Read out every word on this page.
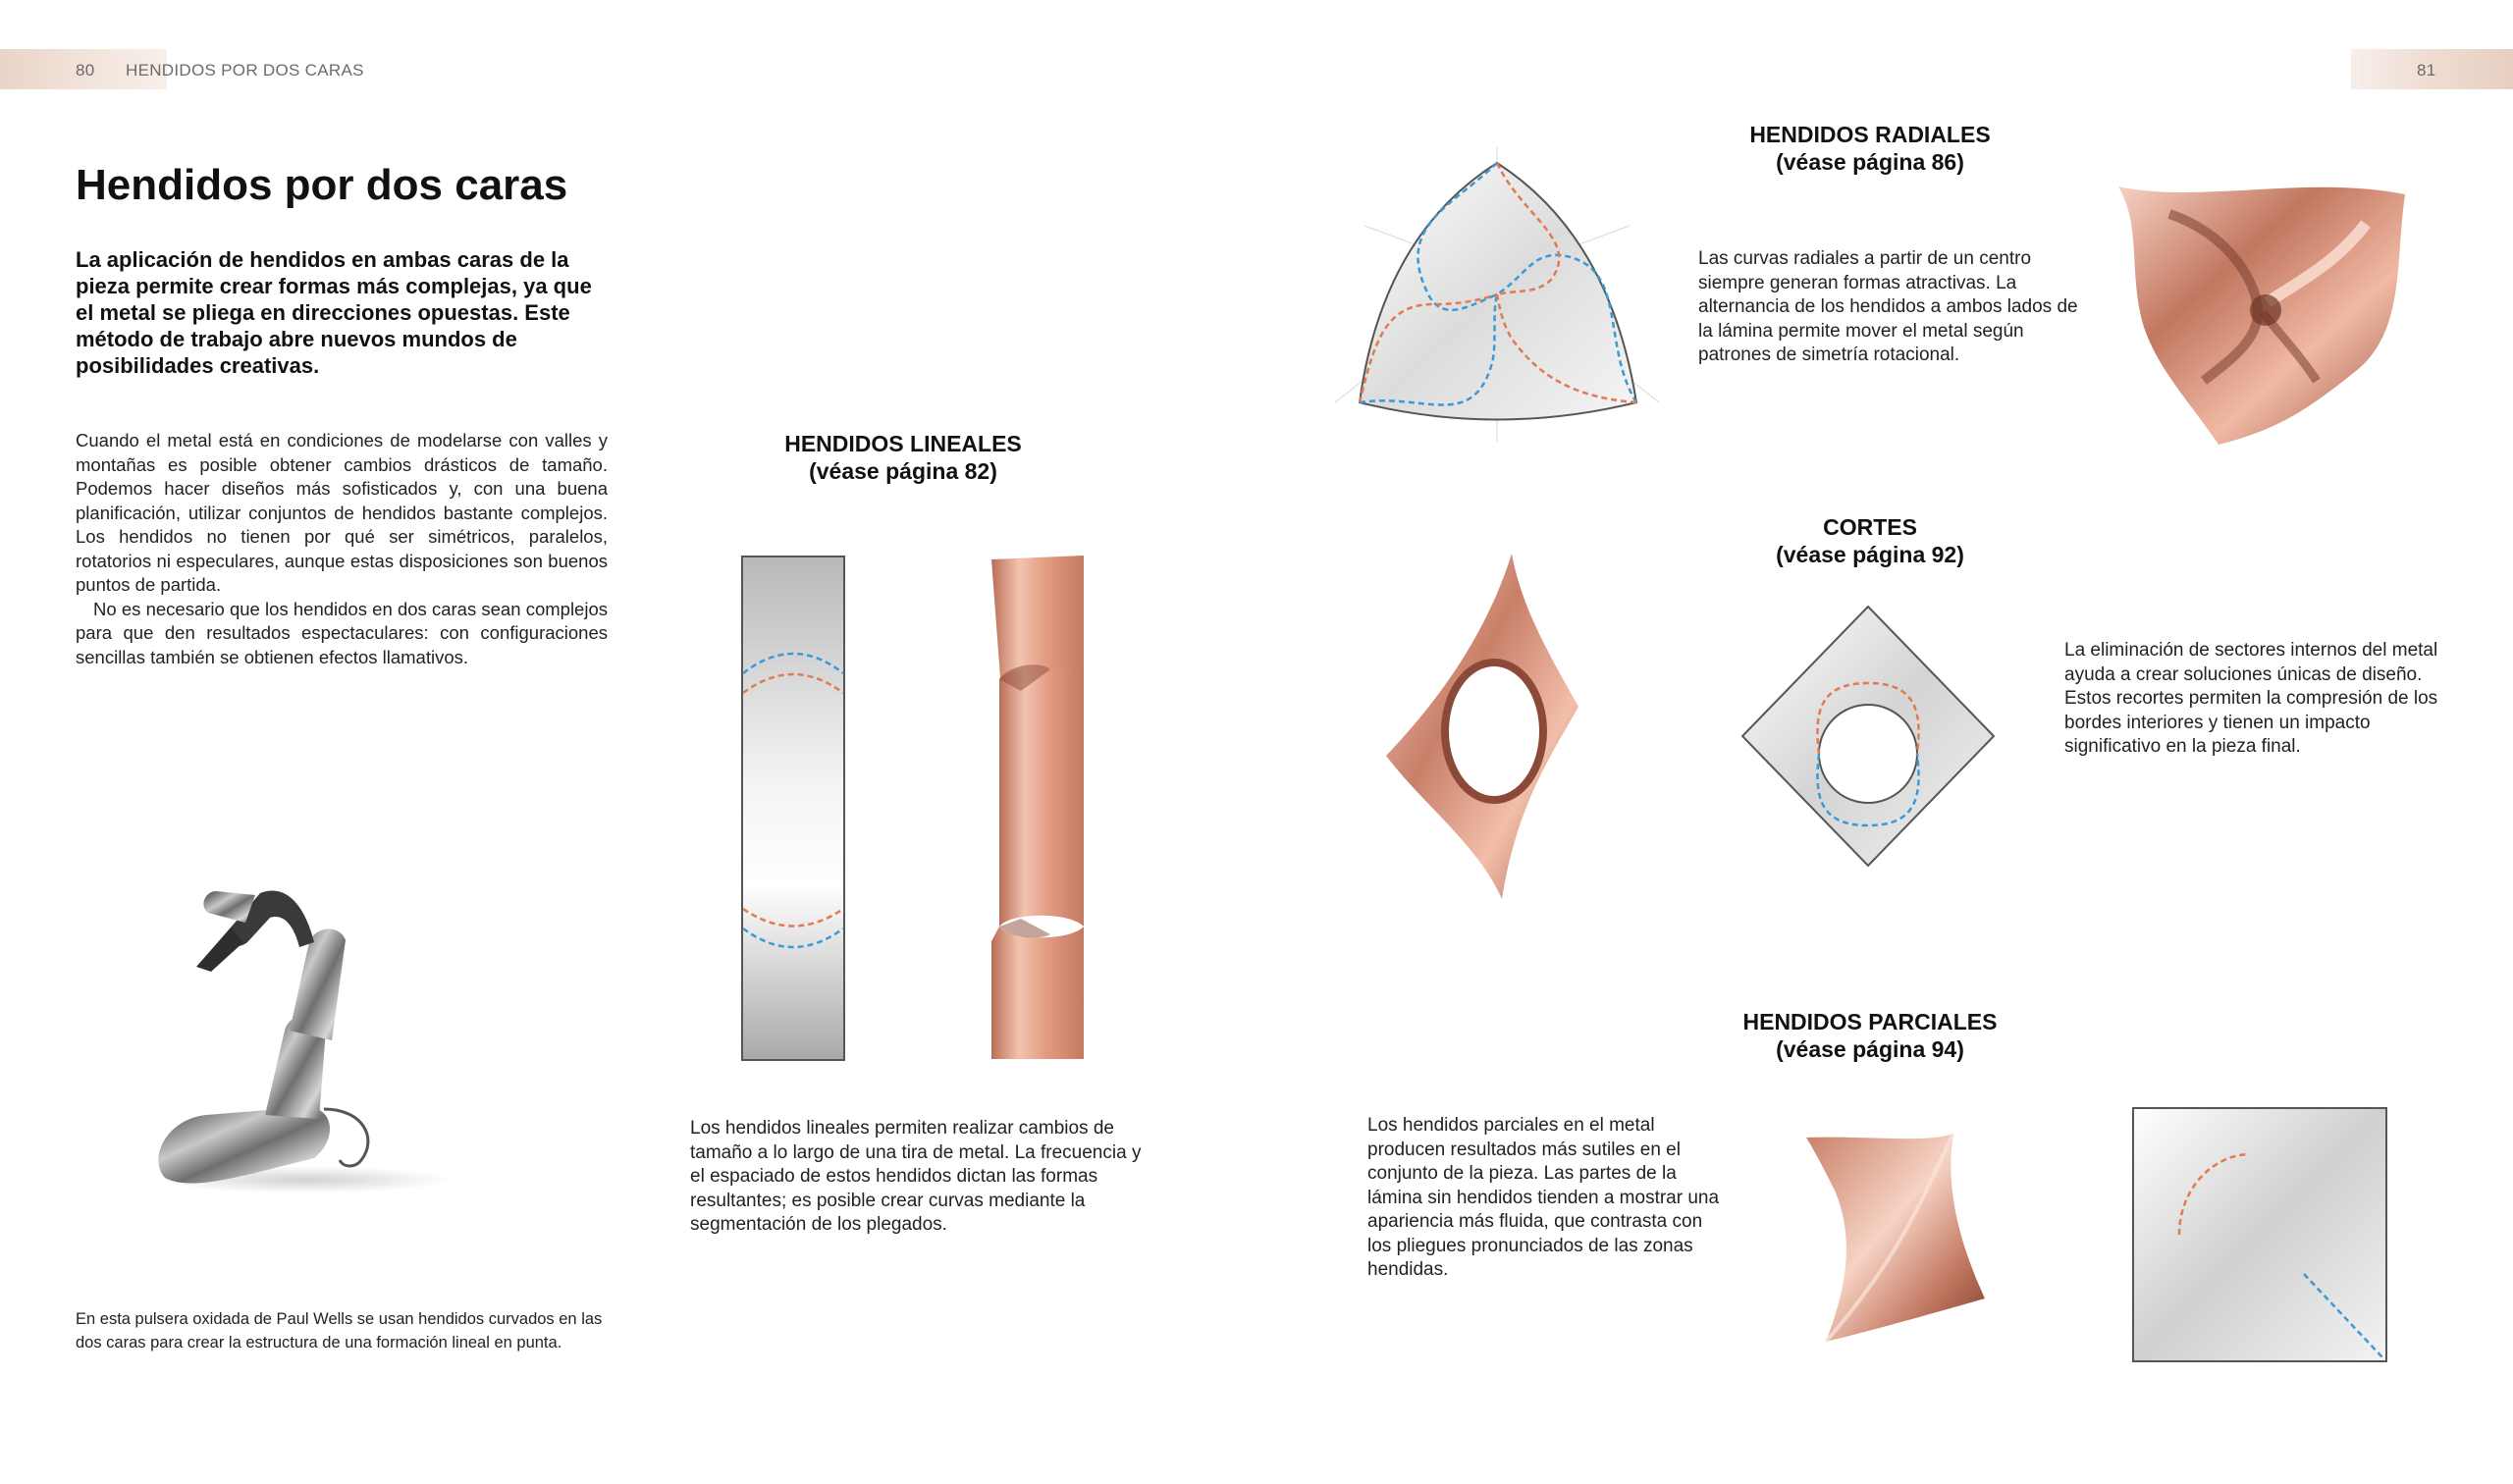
80 HENDIDOS POR DOS CARAS	81
Hendidos por dos caras

La aplicación de hendidos en ambas caras de la pieza permite crear formas más complejas, ya que el metal se pliega en direcciones opuestas. Este método de trabajo abre nuevos mundos de posibilidades creativas.

Cuando el metal está en condiciones de modelarse con valles y montañas es posible obtener cambios drásticos de tamaño. Podemos hacer diseños más sofisticados y, con una buena planificación, utilizar conjuntos de hendidos bastante complejos. Los hendidos no tienen por qué ser simétricos, paralelos, rotatorios ni especulares, aunque estas disposiciones son buenos puntos de partida.

No es necesario que los hendidos en dos caras sean complejos para que den resultados espectaculares: con configuraciones sencillas también se obtienen efectos llamativos.

En esta pulsera oxidada de Paul Wells se usan hendidos curvados en las dos caras para crear la estructura de una formación lineal en punta.

HENDIDOS LINEALES
(véase página 82)

Los hendidos lineales permiten realizar cambios de tamaño a lo largo de una tira de metal. La frecuencia y el espaciado de estos hendidos dictan las formas resultantes; es posible crear curvas mediante la segmentación de los plegados.

HENDIDOS RADIALES
(véase página 86)

Las curvas radiales a partir de un centro siempre generan formas atractivas. La alternancia de los hendidos a ambos lados de la lámina permite mover el metal según patrones de simetría rotacional.

CORTES
(véase página 92)

La eliminación de sectores internos del metal ayuda a crear soluciones únicas de diseño. Estos recortes permiten la compresión de los bordes interiores y tienen un impacto significativo en la pieza final.

HENDIDOS PARCIALES
(véase página 94)

Los hendidos parciales en el metal producen resultados más sutiles en el conjunto de la pieza. Las partes de la lámina sin hendidos tienden a mostrar una apariencia más fluida, que contrasta con los pliegues pronunciados de las zonas hendidas.
